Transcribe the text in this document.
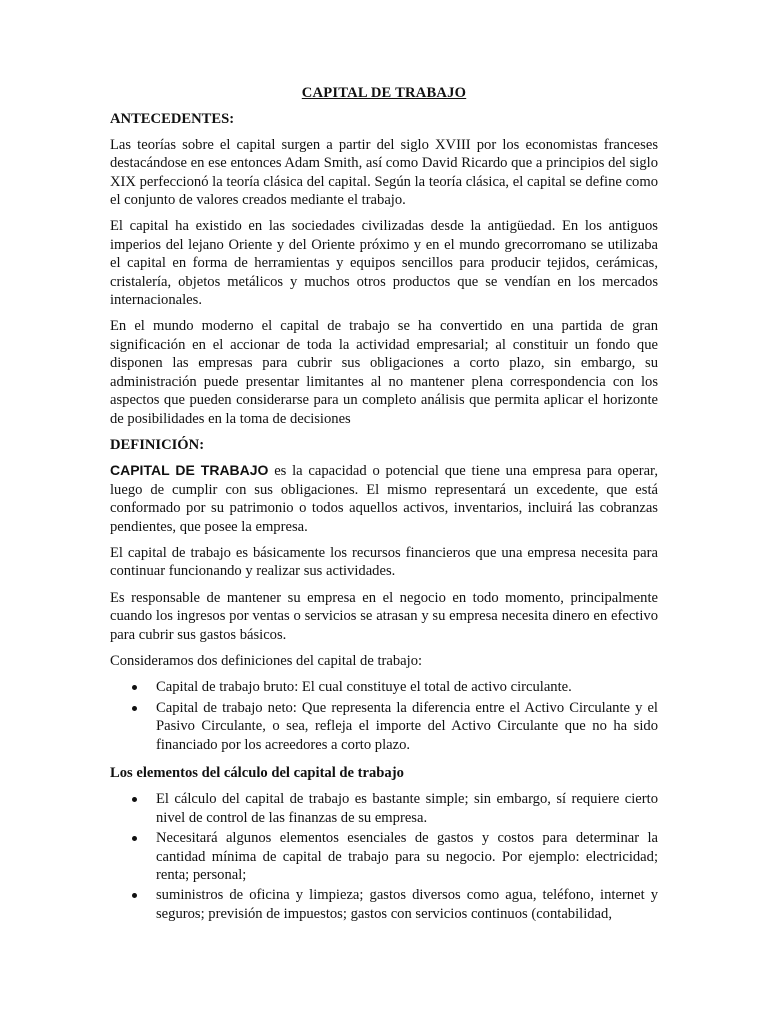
CAPITAL DE TRABAJO
ANTECEDENTES:

Las teorías sobre el capital surgen a partir del siglo XVIII por los economistas franceses destacándose en ese entonces Adam Smith, así como David Ricardo que a principios del siglo XIX perfeccionó la teoría clásica del capital. Según la teoría clásica, el capital se define como el conjunto de valores creados mediante el trabajo.

El capital ha existido en las sociedades civilizadas desde la antigüedad. En los antiguos imperios del lejano Oriente y del Oriente próximo y en el mundo grecorromano se utilizaba el capital en forma de herramientas y equipos sencillos para producir tejidos, cerámicas, cristalería, objetos metálicos y muchos otros productos que se vendían en los mercados internacionales.

En el mundo moderno el capital de trabajo se ha convertido en una partida de gran significación en el accionar de toda la actividad empresarial; al constituir un fondo que disponen las empresas para cubrir sus obligaciones a corto plazo, sin embargo, su administración puede presentar limitantes al no mantener plena correspondencia con los aspectos que pueden considerarse para un completo análisis que permita aplicar el horizonte de posibilidades en la toma de decisiones

DEFINICIÓN:

CAPITAL DE TRABAJO es la capacidad o potencial que tiene una empresa para operar, luego de cumplir con sus obligaciones. El mismo representará un excedente, que está conformado por su patrimonio o todos aquellos activos, inventarios, incluirá las cobranzas pendientes, que posee la empresa.

El capital de trabajo es básicamente los recursos financieros que una empresa necesita para continuar funcionando y realizar sus actividades.

Es responsable de mantener su empresa en el negocio en todo momento, principalmente cuando los ingresos por ventas o servicios se atrasan y su empresa necesita dinero en efectivo para cubrir sus gastos básicos.

Consideramos dos definiciones del capital de trabajo:

Capital de trabajo bruto: El cual constituye el total de activo circulante.
Capital de trabajo neto: Que representa la diferencia entre el Activo Circulante y el Pasivo Circulante, o sea, refleja el importe del Activo Circulante que no ha sido financiado por los acreedores a corto plazo.
Los elementos del cálculo del capital de trabajo
El cálculo del capital de trabajo es bastante simple; sin embargo, sí requiere cierto nivel de control de las finanzas de su empresa.
Necesitará algunos elementos esenciales de gastos y costos para determinar la cantidad mínima de capital de trabajo para su negocio. Por ejemplo: electricidad; renta; personal;
suministros de oficina y limpieza; gastos diversos como agua, teléfono, internet y seguros; previsión de impuestos; gastos con servicios continuos (contabilidad,
